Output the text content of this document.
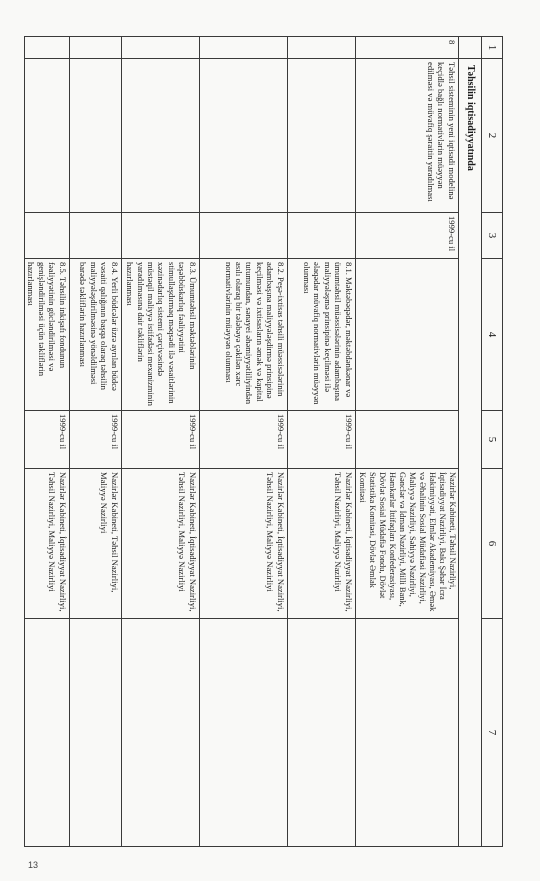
1	2	3	4	5	6	7
	Təhsilin iqtisadiyyatında					
8	Təhsil sisteminin yeni iqtisadi modelinə keçidlə bağlı normativlərin müəyyən edilməsi və müvafiq şəraitin yaradılması	1999-cu il			Nazirlər Kabineti, Təhsil Nazirliyi, İqtisadiyyat Nazirliyi, Bakı Şəhər İcra Hakimiyyəti, Elmlər Akademiyası, Əmək və Əhalinin Sosial Müdafiəsi Nazirliyi, Maliyyə Nazirliyi, Səhiyyə Nazirliyi, Gənclər və İdman Nazirliyi, Milli Bank, Həmkarlar İttifaqları Konfederasiyası, Dövlət Sosial Müdafiə Fondu, Dövlət Statistika Komitəsi, Dövlət Əmlak Komitəsi	
			8.1. Məktəbəqədər, məktəbdənkənar və ümumtəhsil müəssisələrinin adambaşına maliyyələşmə prinsipinə keçilməsi ilə əlaqədar müvafiq normativlərin müəyyən olunması	1999-cu il	Nazirlər Kabineti, İqtisadiyyat Nazirliyi, Təhsil Nazirliyi, Maliyyə Nazirliyi	
			8.2. Peşə-ixtisas təhsili müəssisələrinin adambaşına maliyyələşdirmə prinsipinə keçilməsi və ixtisasların əmək və kapital tutumundan, sənayei əhəmiyyətliliyindən asılı olaraq bir tələbəyə çəkilən xərc normativlərinin müəyyən olunması	1999-cu il	Nazirlər Kabineti, İqtisadiyyat Nazirliyi, Təhsil Nazirliyi, Maliyyə Nazirliyi	
			8.3. Ümumtəhsil məktəblərinin təşəbbüskarlıq fəaliyyətini stimullaşdırmaq məqsədi ilə vəsaitlərinin xəzinədarlıq sistemi çərçivəsində müstəqil maliyyə istifadəsi mexanizminin yaradılmasına dair təkliflərin hazırlanması	1999-cu il	Nazirlər Kabineti, İqtisadiyyat Nazirliyi, Təhsil Nazirliyi, Maliyyə Nazirliyi	
			8.4. Yerli büdcələr üzrə ayrılan büdcə vəsaiti qalığının başqa olaraq təhsilin maliyyələşdirilməsinə yönəldilməsi barədə təkliflərin hazırlanması	1999-cu il	Nazirlər Kabineti, Təhsil Nazirliyi, Maliyyə Nazirliyi	
			8.5. Təhsilin inkişafı fondunun fəaliyyətinin gücləndirilməsi və genişləndirilməsi üçün təkliflərin hazırlanması	1999-cu il	Nazirlər Kabineti, İqtisadiyyat Nazirliyi, Təhsil Nazirliyi, Maliyyə Nazirliyi	
13
